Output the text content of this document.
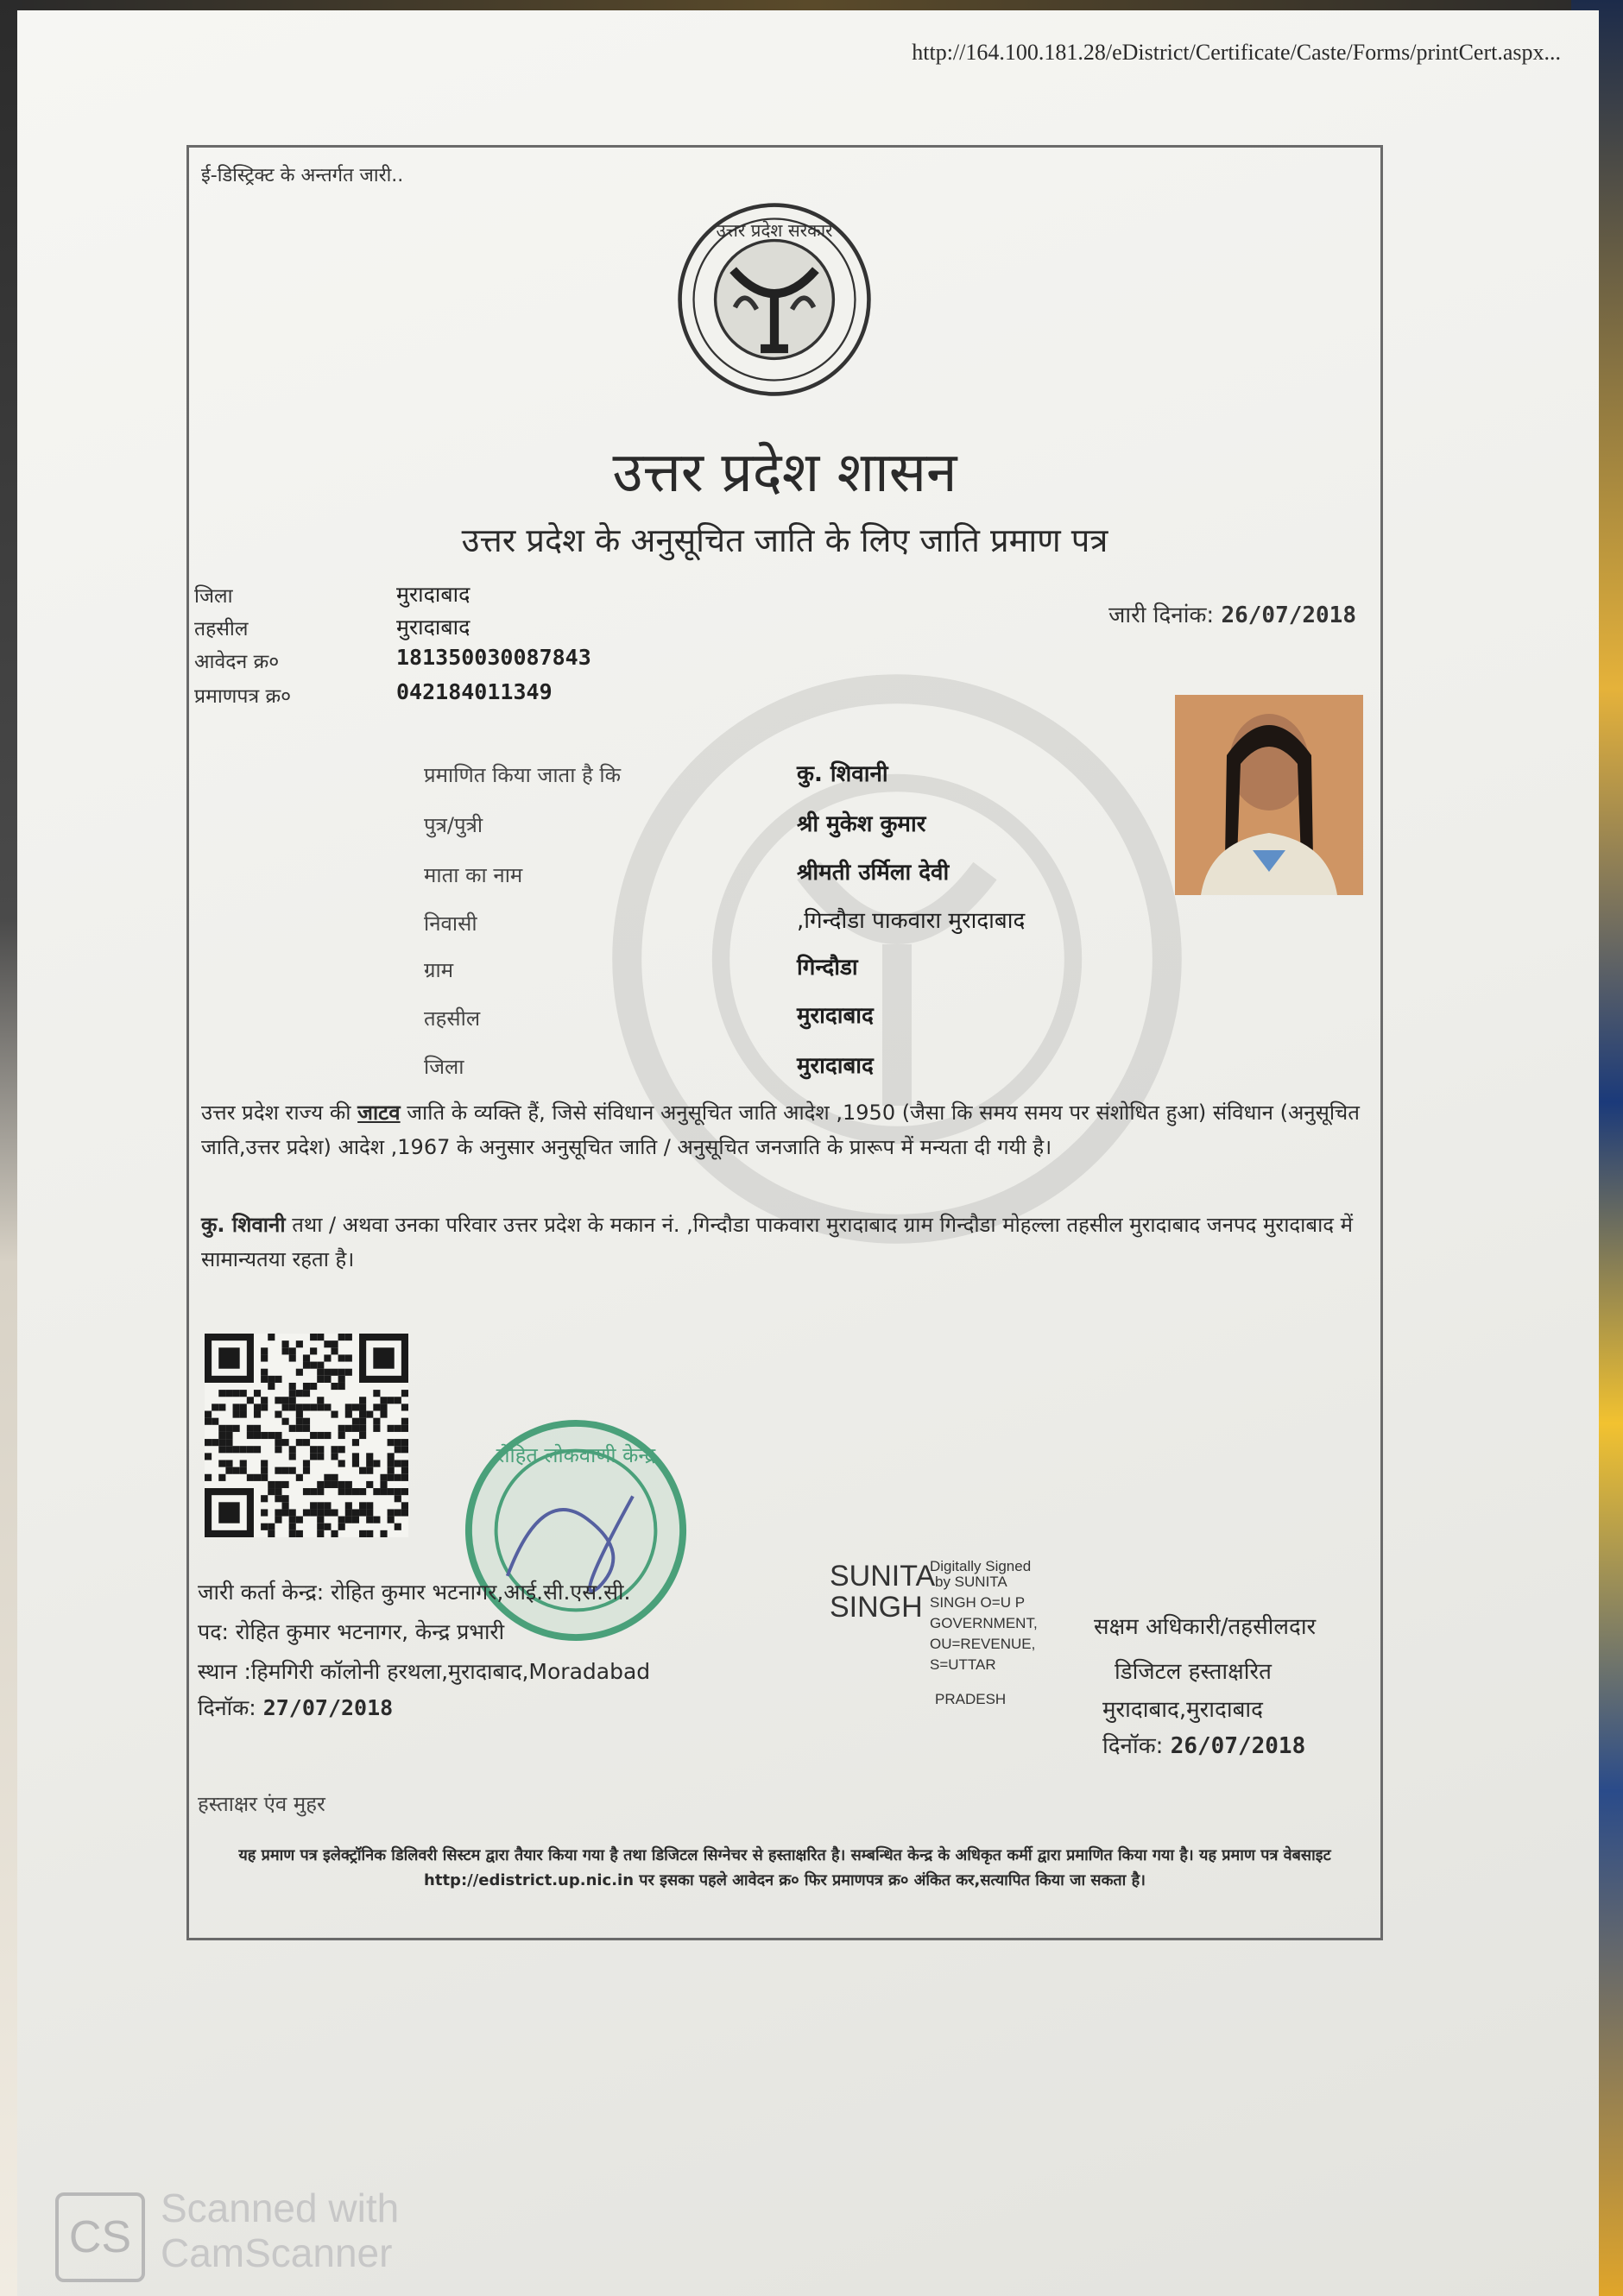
http://164.100.181.28/eDistrict/Certificate/Caste/Forms/printCert.aspx...
ई-डिस्ट्रिक्ट के अन्तर्गत जारी..
उत्तर प्रदेश सरकार
उत्तर प्रदेश शासन
उत्तर प्रदेश के अनुसूचित जाति के लिए जाति प्रमाण पत्र
जिला	मुरादाबाद
तहसील	मुरादाबाद
आवेदन क्र०	181350030087843
प्रमाणपत्र क्र०	042184011349
जारी दिनांक: 26/07/2018
प्रमाणित किया जाता है कि	कु. शिवानी
पुत्र/पुत्री	श्री मुकेश कुमार
माता का नाम	श्रीमती उर्मिला देवी
निवासी	,गिन्दौडा पाकवारा मुरादाबाद
ग्राम	गिन्दौडा
तहसील	मुरादाबाद
जिला	मुरादाबाद
उत्तर प्रदेश राज्य की जाटव जाति के व्यक्ति हैं, जिसे संविधान अनुसूचित जाति आदेश ,1950 (जैसा कि समय समय पर संशोधित हुआ) संविधान (अनुसूचित जाति,उत्तर प्रदेश) आदेश ,1967 के अनुसार अनुसूचित जाति / अनुसूचित जनजाति के प्रारूप में मन्यता दी गयी है।
कु. शिवानी तथा / अथवा उनका परिवार उत्तर प्रदेश के मकान नं. ,गिन्दौडा पाकवारा मुरादाबाद ग्राम गिन्दौडा मोहल्ला तहसील मुरादाबाद जनपद मुरादाबाद में सामान्यतया रहता है।
रोहित लोकवाणी केन्द्र
जारी कर्ता केन्द्र: रोहित कुमार भटनागर,आई.सी.एस.सी.
पद: रोहित कुमार भटनागर, केन्द्र प्रभारी
स्थान :हिमगिरी कॉलोनी हरथला,मुरादाबाद,Moradabad
दिनॉक: 27/07/2018
SUNITA
SINGH
Digitally Signed
by SUNITA
SINGH O=U P
GOVERNMENT,
OU=REVENUE,
S=UTTAR
PRADESH
सक्षम अधिकारी/तहसीलदार
डिजिटल हस्ताक्षरित
मुरादाबाद,मुरादाबाद
दिनॉक: 26/07/2018
हस्ताक्षर एंव मुहर
यह प्रमाण पत्र इलेक्ट्रॉनिक डिलिवरी सिस्टम द्वारा तैयार किया गया है तथा डिजिटल सिग्नेचर से हस्ताक्षरित है। सम्बन्धित केन्द्र के अधिकृत कर्मी द्वारा प्रमाणित किया गया है। यह प्रमाण पत्र वेबसाइट http://edistrict.up.nic.in पर इसका पहले आवेदन क्र० फिर प्रमाणपत्र क्र० अंकित कर,सत्यापित किया जा सकता है।
CS
Scanned with
CamScanner
